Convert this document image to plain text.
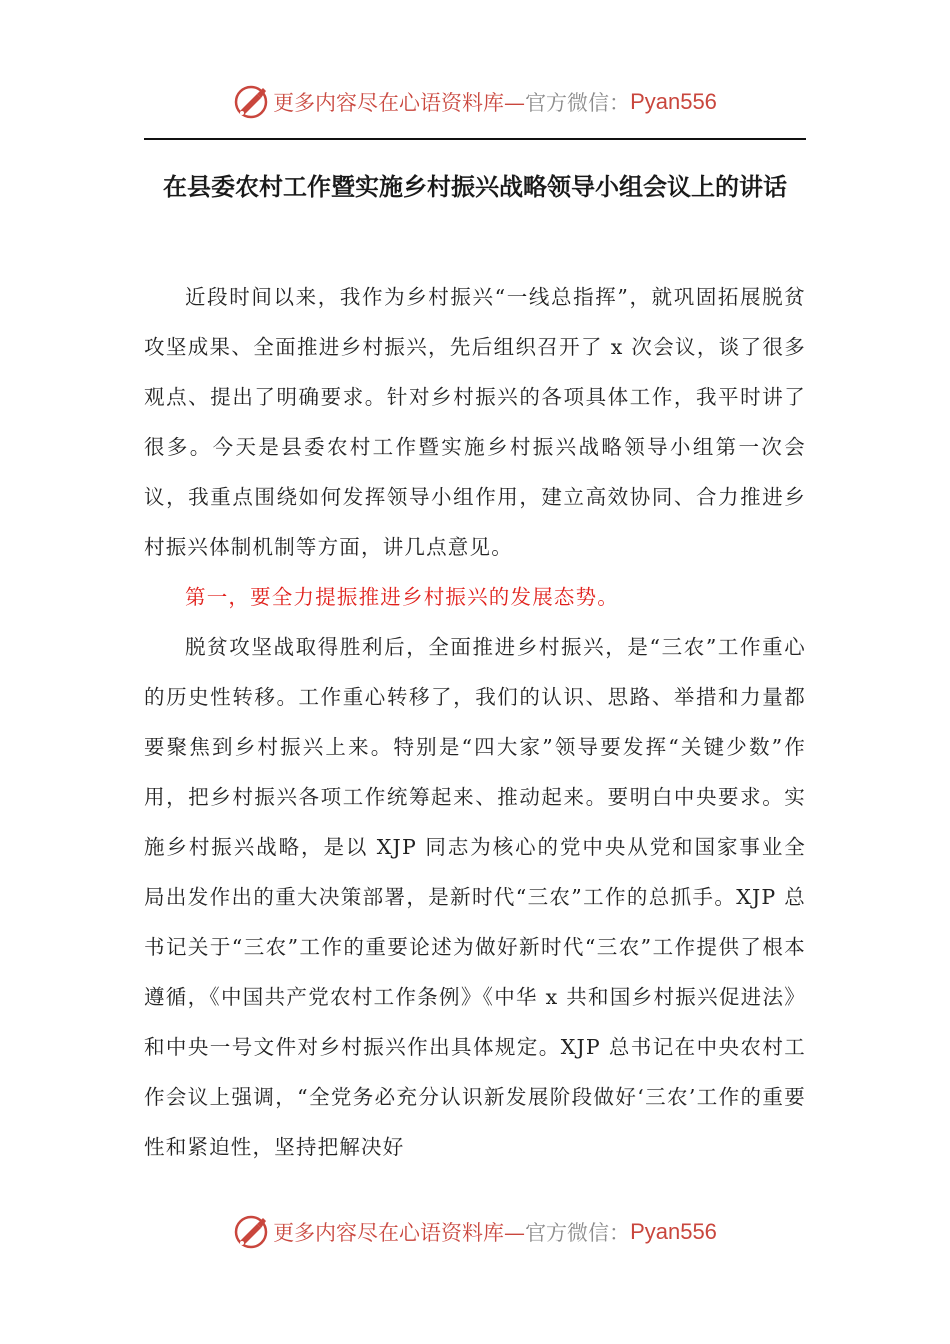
更多内容尽在心语资料库— 官方微信： Pyan556
在县委农村工作暨实施乡村振兴战略领导小组会议上的讲话

近段时间以来，我作为乡村振兴“一线总指挥”，就巩固拓展脱贫攻坚成果、全面推进乡村振兴，先后组织召开了 x 次会议，谈了很多观点、提出了明确要求。针对乡村振兴的各项具体工作，我平时讲了很多。今天是县委农村工作暨实施乡村振兴战略领导小组第一次会议，我重点围绕如何发挥领导小组作用，建立高效协同、合力推进乡村振兴体制机制等方面，讲几点意见。

第一，要全力提振推进乡村振兴的发展态势。

脱贫攻坚战取得胜利后，全面推进乡村振兴，是“三农”工作重心的历史性转移。工作重心转移了，我们的认识、思路、举措和力量都要聚焦到乡村振兴上来。特别是“四大家”领导要发挥“关键少数”作用，把乡村振兴各项工作统筹起来、推动起来。要明白中央要求。实施乡村振兴战略，是以 XJP 同志为核心的党中央从党和国家事业全局出发作出的重大决策部署，是新时代“三农”工作的总抓手。XJP 总书记关于“三农”工作的重要论述为做好新时代“三农”工作提供了根本遵循，《中国共产党农村工作条例》《中华 x 共和国乡村振兴促进法》和中央一号文件对乡村振兴作出具体规定。XJP 总书记在中央农村工作会议上强调，“全党务必充分认识新发展阶段做好‘三农’工作的重要性和紧迫性，坚持把解决好

更多内容尽在心语资料库— 官方微信： Pyan556
